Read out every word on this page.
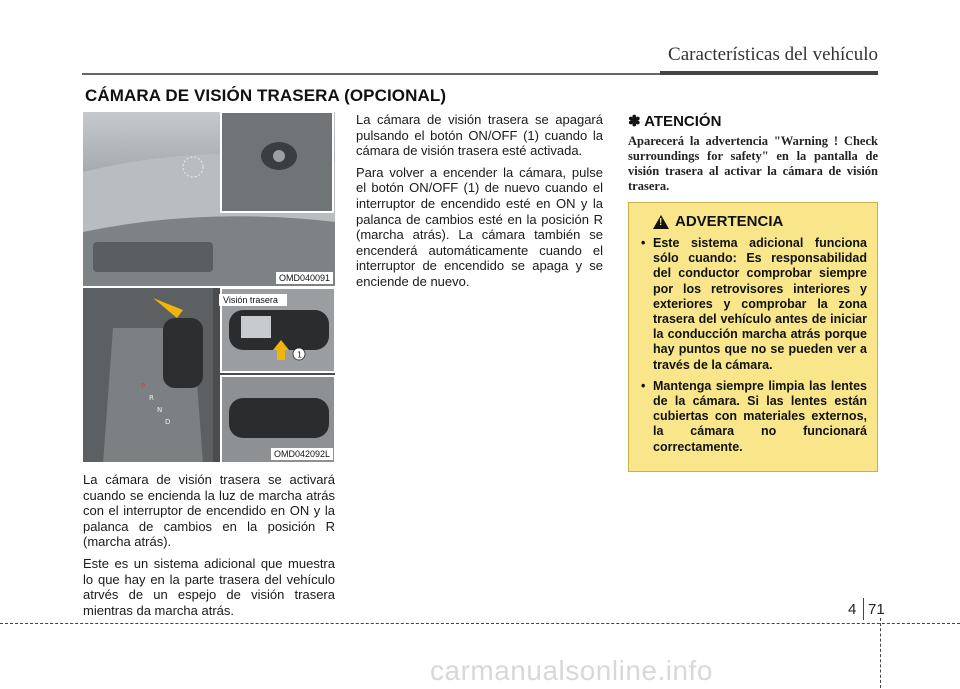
Características del vehículo
CÁMARA DE VISIÓN TRASERA (OPCIONAL)
OMD040091
P
R
N
D
1
Visión trasera
OMD042092L

La cámara de visión trasera se activará cuando se encienda la luz de marcha atrás con el interruptor de encendido en ON y la palanca de cambios en la posición R (marcha atrás).

Este es un sistema adicional que muestra lo que hay en la parte trasera del vehículo atrvés de un espejo de visión trasera mientras da marcha atrás.

La cámara de visión trasera se apagará pulsando el botón ON/OFF (1) cuando la cámara de visión trasera esté activada.

Para volver a encender la cámara, pulse el botón ON/OFF (1) de nuevo cuando el interruptor de encendido esté en ON y la palanca de cambios esté en la posición R (marcha atrás). La cámara también se encenderá automáticamente cuando el interruptor de encendido se apaga y se enciende de nuevo.

✽ ATENCIÓN
Aparecerá la advertencia "Warning ! Check surroundings for safety" en la pantalla de visión trasera al activar la cámara de visión trasera.
!
ADVERTENCIA
• Este sistema adicional funciona sólo cuando: Es responsabilidad del conductor comprobar siempre por los retrovisores interiores y exteriores y comprobar la zona trasera del vehículo antes de iniciar la conducción marcha atrás porque hay puntos que no se pueden ver a través de la cámara.
• Mantenga siempre limpia las lentes de la cámara. Si las lentes están cubiertas con materiales externos, la cámara no funcionará correctamente.
4 71
carmanualsonline.info
